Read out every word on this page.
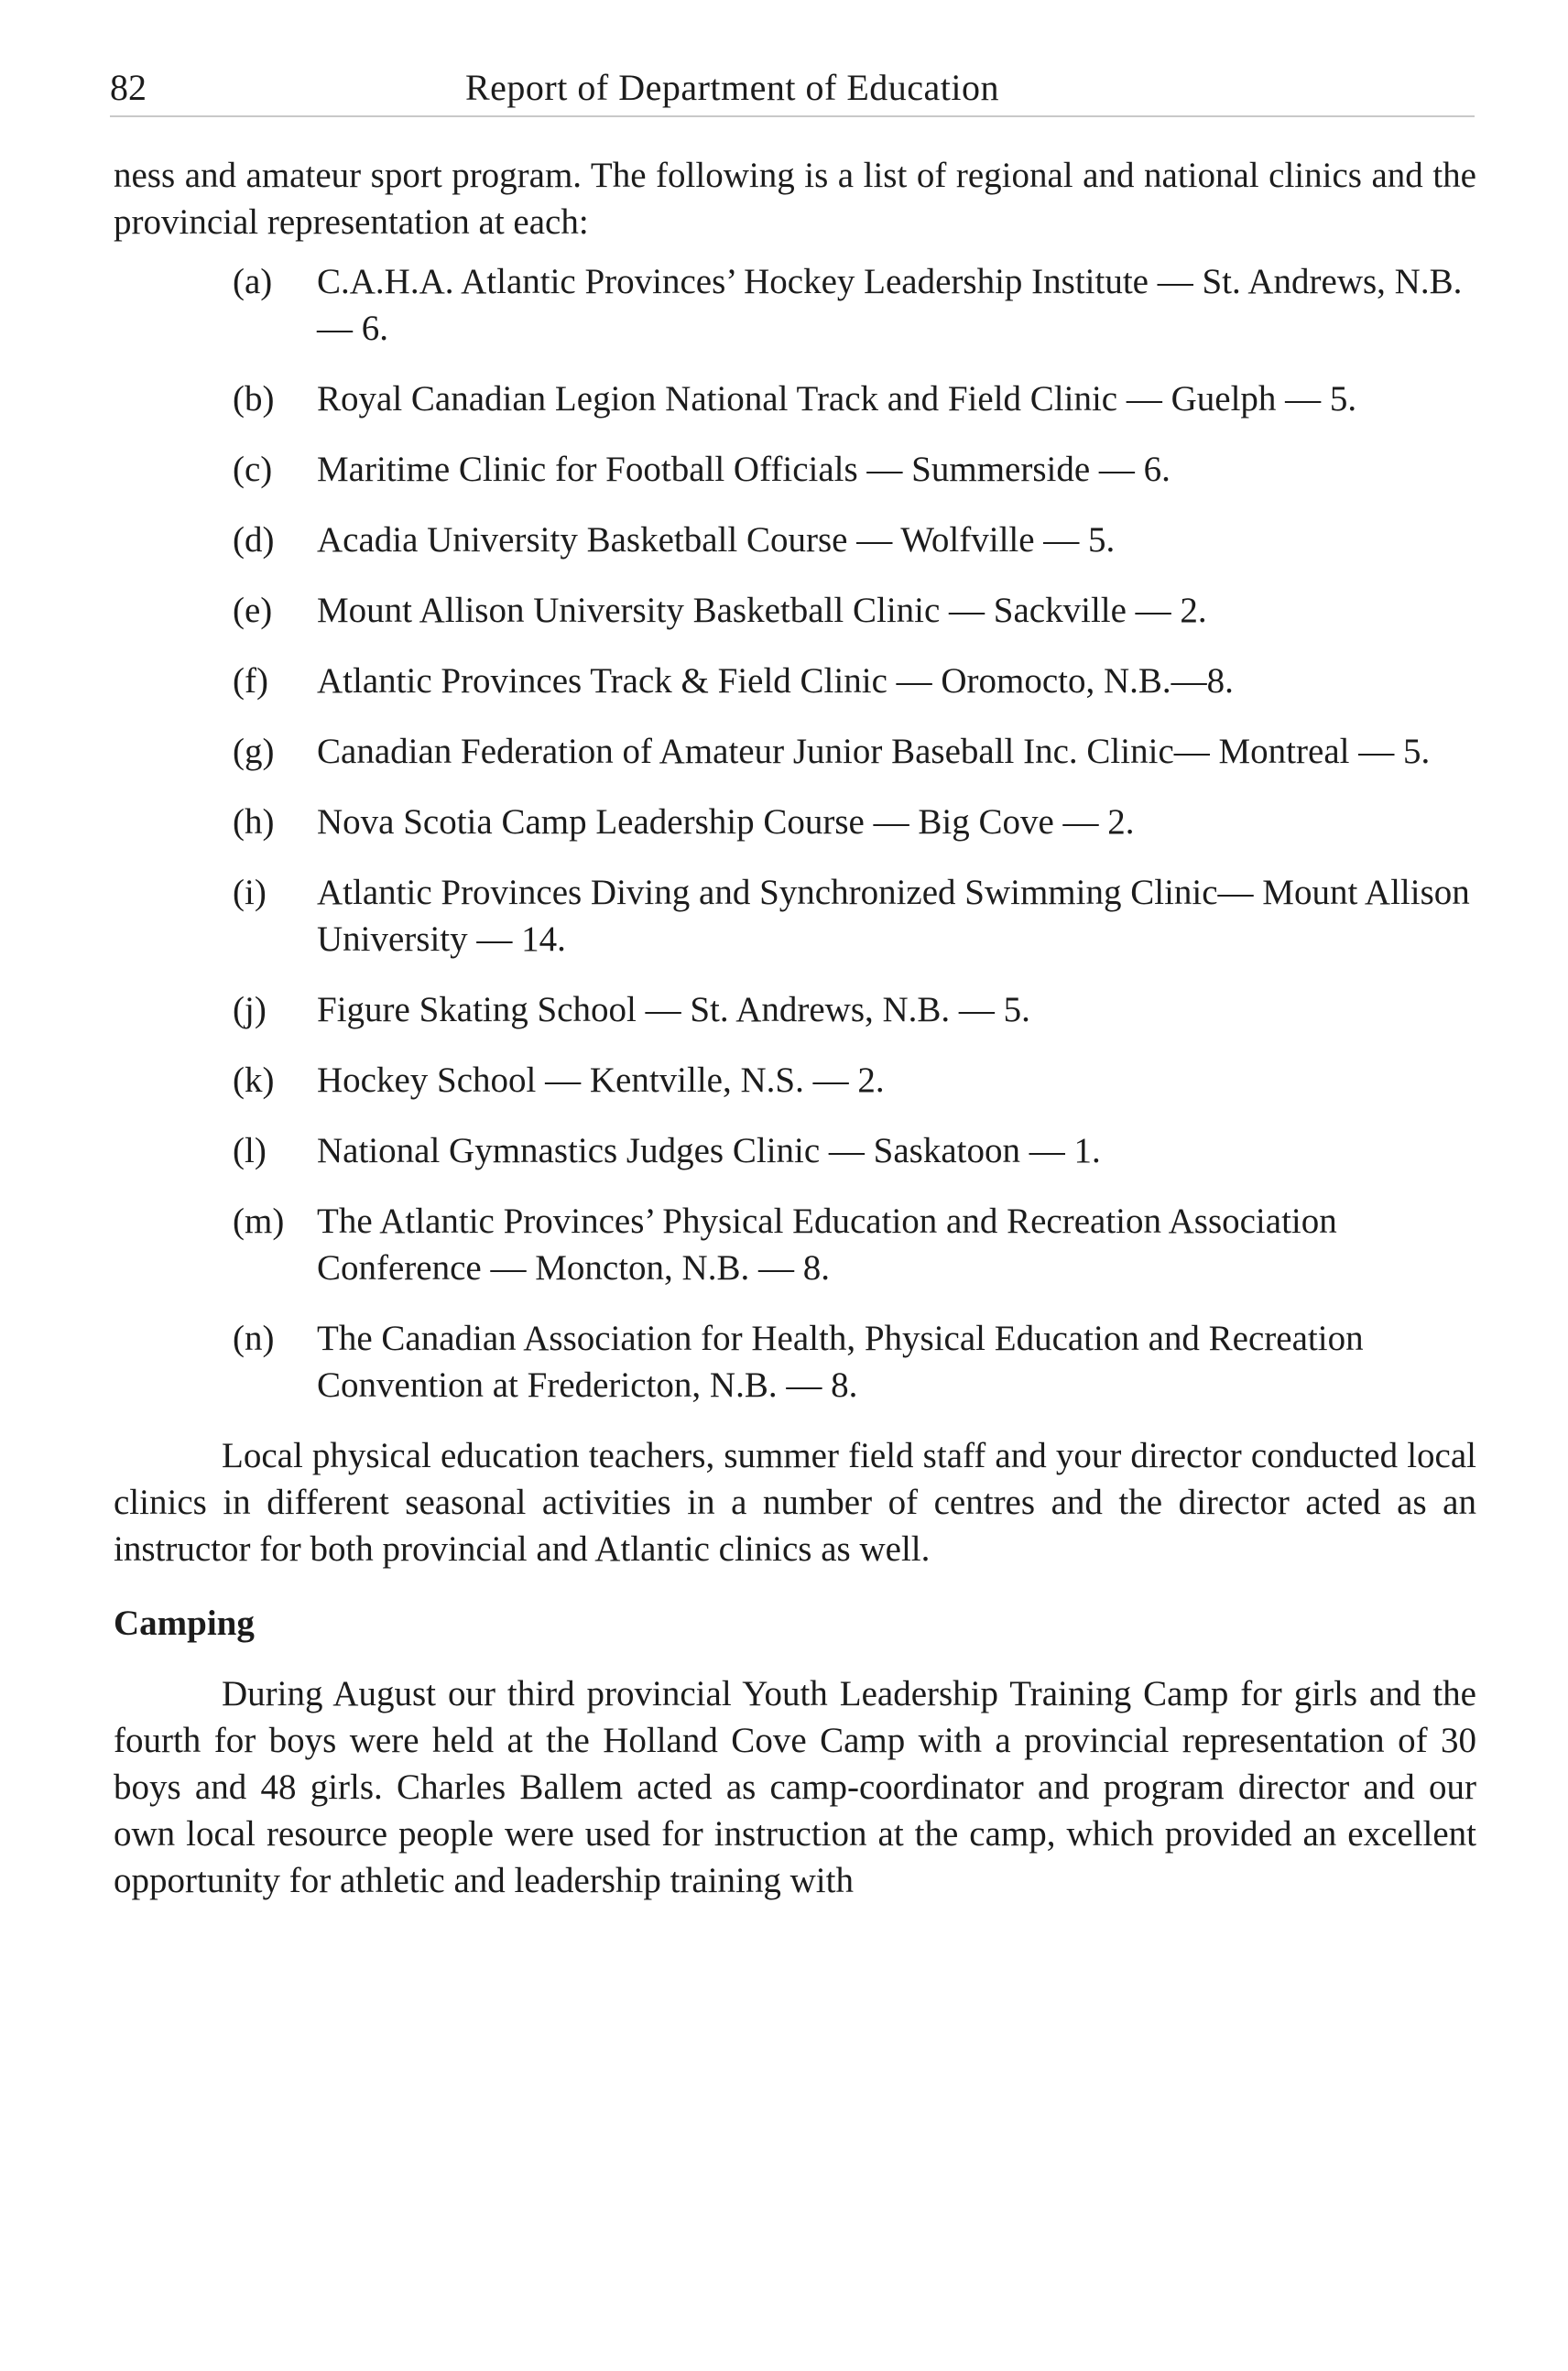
82	Report of Department of Education

ness and amateur sport program. The following is a list of regional and national clinics and the provincial representation at each:

(a)	C.A.H.A. Atlantic Provinces’ Hockey Leadership Institute — St. Andrews, N.B. — 6.
(b)	Royal Canadian Legion National Track and Field Clinic — Guelph — 5.
(c)	Maritime Clinic for Football Officials — Summerside — 6.
(d)	Acadia University Basketball Course — Wolfville — 5.
(e)	Mount Allison University Basketball Clinic — Sackville — 2.
(f)	Atlantic Provinces Track & Field Clinic — Oromocto, N.B.—8.
(g)	Canadian Federation of Amateur Junior Baseball Inc. Clinic— Montreal — 5.
(h)	Nova Scotia Camp Leadership Course — Big Cove — 2.
(i)	Atlantic Provinces Diving and Synchronized Swimming Clinic— Mount Allison University — 14.
(j)	Figure Skating School — St. Andrews, N.B. — 5.
(k)	Hockey School — Kentville, N.S. — 2.
(l)	National Gymnastics Judges Clinic — Saskatoon — 1.
(m) The Atlantic Provinces’ Physical Education and Recreation Association Conference — Moncton, N.B. — 8.
(n)	The Canadian Association for Health, Physical Education and Recreation Convention at Fredericton, N.B. — 8.

Local physical education teachers, summer field staff and your director conducted local clinics in different seasonal activities in a number of centres and the director acted as an instructor for both provincial and Atlantic clinics as well.

Camping

During August our third provincial Youth Leadership Training Camp for girls and the fourth for boys were held at the Holland Cove Camp with a provincial representation of 30 boys and 48 girls. Charles Ballem acted as camp-coordinator and program director and our own local resource people were used for instruction at the camp, which provided an excellent opportunity for athletic and leadership training with
